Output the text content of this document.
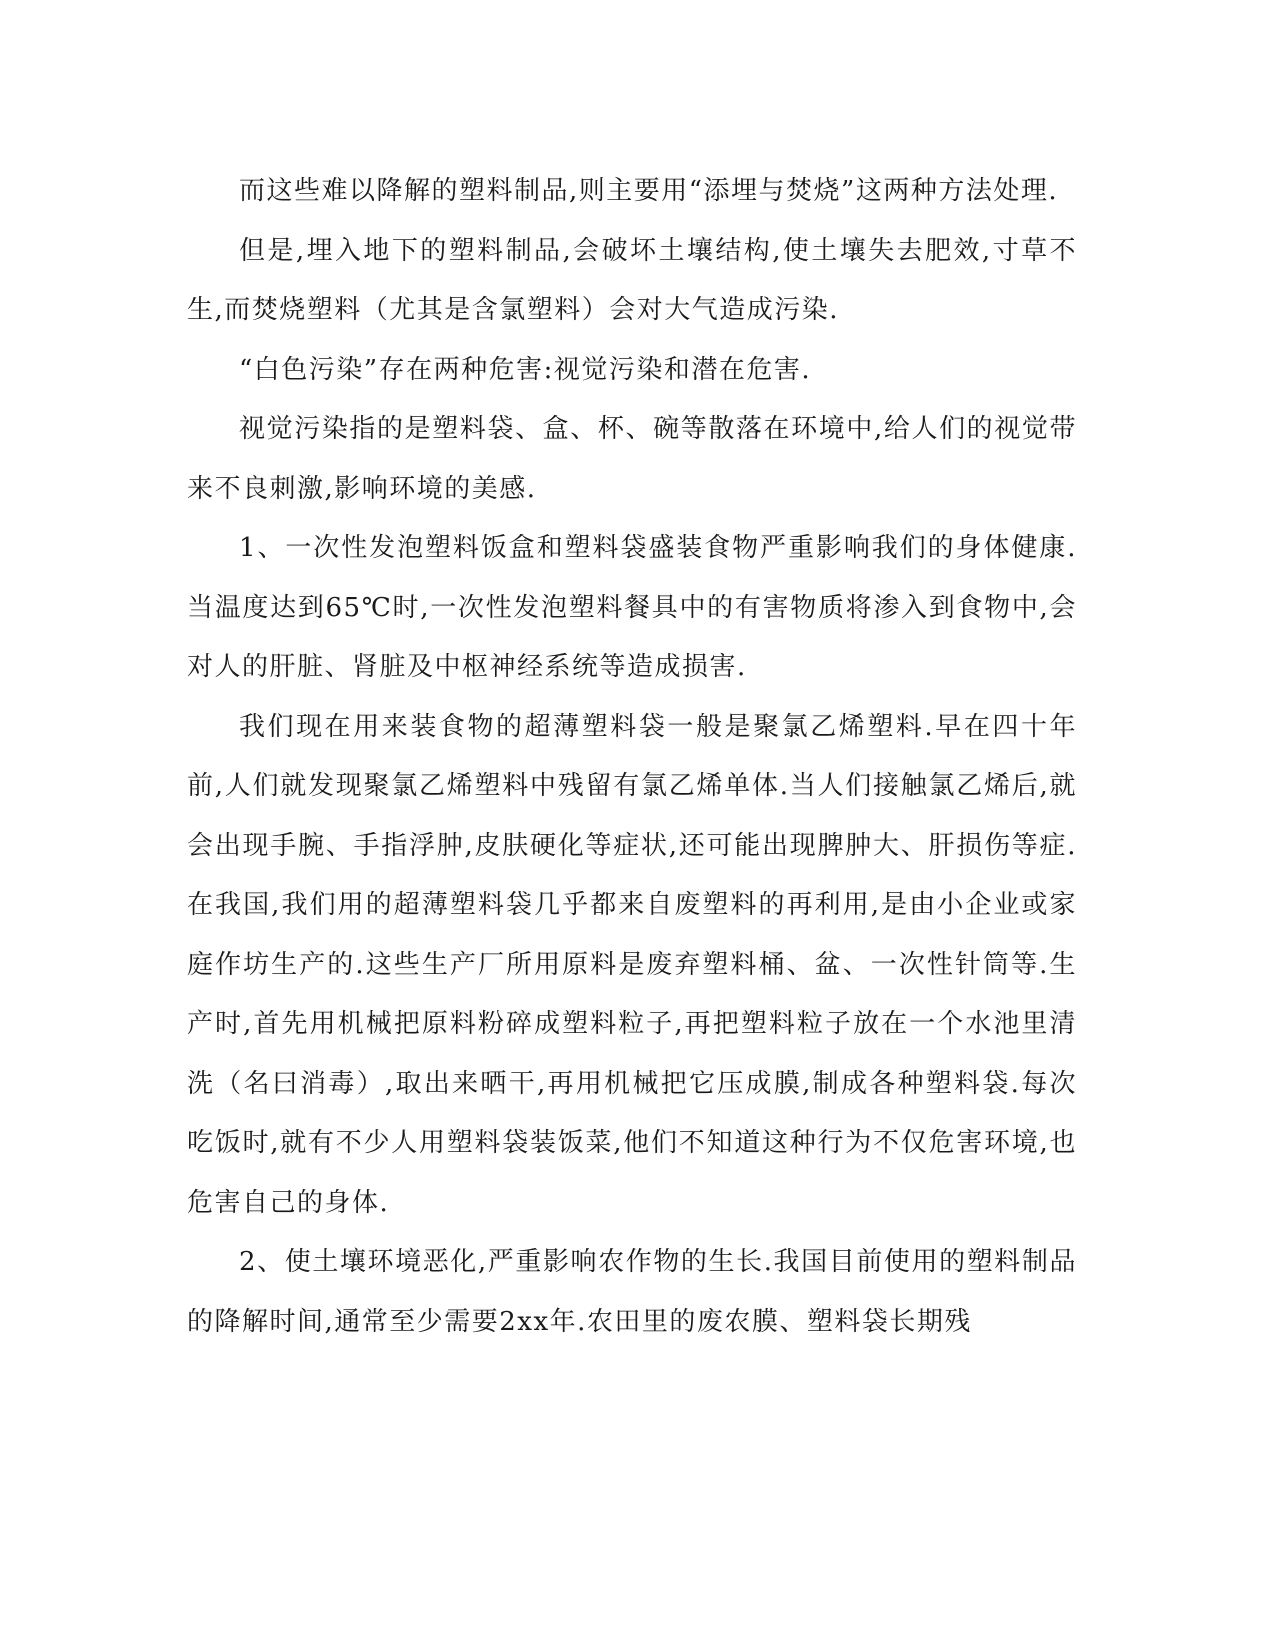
而这些难以降解的塑料制品,则主要用“添埋与焚烧”这两种方法处理.

但是,埋入地下的塑料制品,会破坏土壤结构,使土壤失去肥效,寸草不生,而焚烧塑料（尤其是含氯塑料）会对大气造成污染.

“白色污染”存在两种危害:视觉污染和潜在危害.

视觉污染指的是塑料袋、盒、杯、碗等散落在环境中,给人们的视觉带来不良刺激,影响环境的美感.

1、一次性发泡塑料饭盒和塑料袋盛装食物严重影响我们的身体健康.当温度达到65℃时,一次性发泡塑料餐具中的有害物质将渗入到食物中,会对人的肝脏、肾脏及中枢神经系统等造成损害.

我们现在用来装食物的超薄塑料袋一般是聚氯乙烯塑料.早在四十年前,人们就发现聚氯乙烯塑料中残留有氯乙烯单体.当人们接触氯乙烯后,就会出现手腕、手指浮肿,皮肤硬化等症状,还可能出现脾肿大、肝损伤等症.在我国,我们用的超薄塑料袋几乎都来自废塑料的再利用,是由小企业或家庭作坊生产的.这些生产厂所用原料是废弃塑料桶、盆、一次性针筒等.生产时,首先用机械把原料粉碎成塑料粒子,再把塑料粒子放在一个水池里清洗（名曰消毒）,取出来晒干,再用机械把它压成膜,制成各种塑料袋.每次吃饭时,就有不少人用塑料袋装饭菜,他们不知道这种行为不仅危害环境,也危害自己的身体.

2、使土壤环境恶化,严重影响农作物的生长.我国目前使用的塑料制品的降解时间,通常至少需要2xx年.农田里的废农膜、塑料袋长期残
